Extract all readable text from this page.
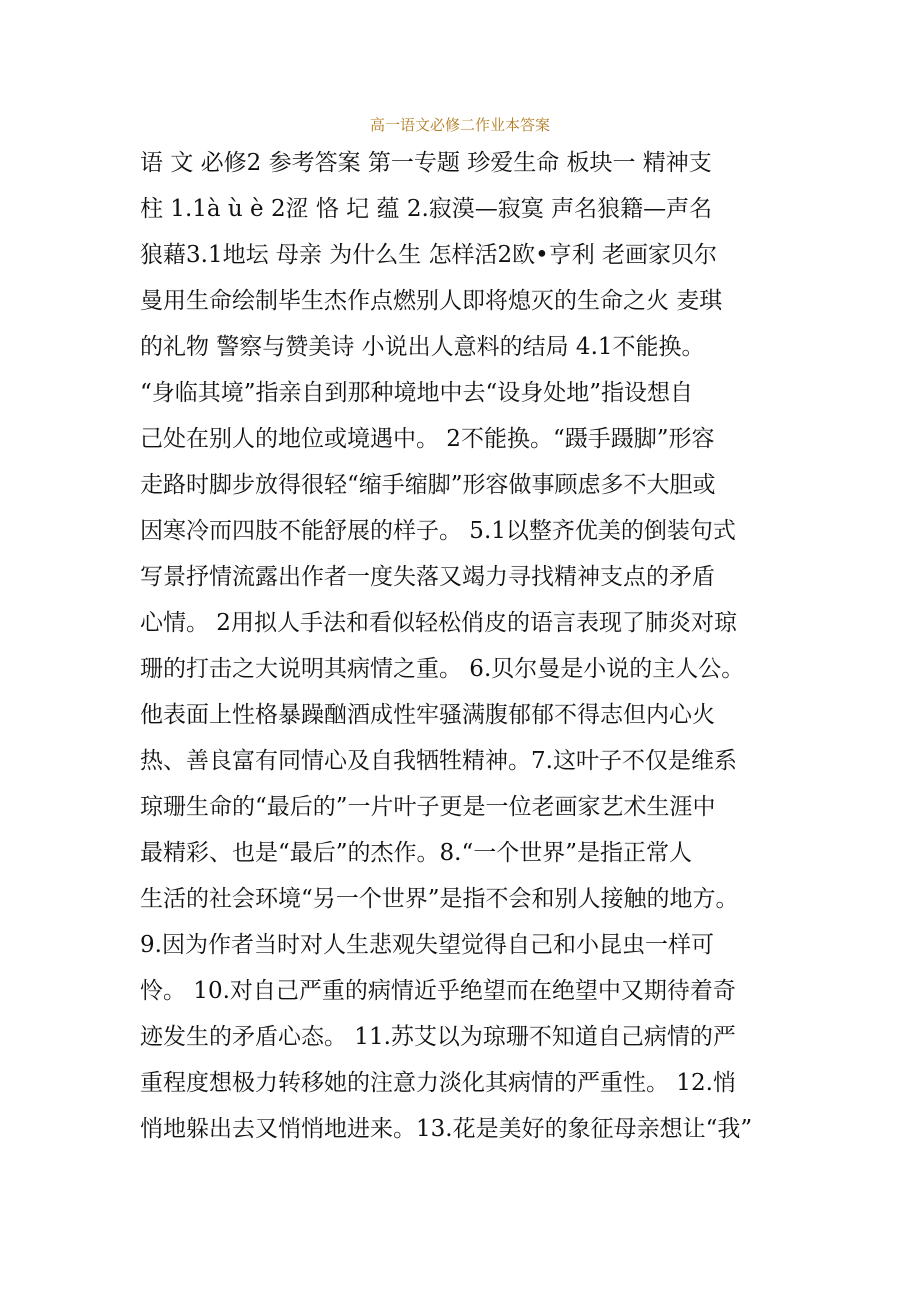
高一语文必修二作业本答案
语 文 必修2 参考答案 第一专题 珍爱生命 板块一 精神支
柱 1.1à ù è 2涩 恪 圮 蕴 2.寂漠—寂寞 声名狼籍—声名
狼藉3.1地坛 母亲 为什么生 怎样活2欧•亨利 老画家贝尔
曼用生命绘制毕生杰作点燃别人即将熄灭的生命之火 麦琪
的礼物 警察与赞美诗 小说出人意料的结局 4.1不能换。
“身临其境”指亲自到那种境地中去“设身处地”指设想自
己处在别人的地位或境遇中。 2不能换。“蹑手蹑脚”形容
走路时脚步放得很轻“缩手缩脚”形容做事顾虑多不大胆或
因寒冷而四肢不能舒展的样子。 5.1以整齐优美的倒装句式
写景抒情流露出作者一度失落又竭力寻找精神支点的矛盾
心情。 2用拟人手法和看似轻松俏皮的语言表现了肺炎对琼
珊的打击之大说明其病情之重。 6.贝尔曼是小说的主人公。
他表面上性格暴躁酗酒成性牢骚满腹郁郁不得志但内心火
热、善良富有同情心及自我牺牲精神。7.这叶子不仅是维系
琼珊生命的“最后的”一片叶子更是一位老画家艺术生涯中
最精彩、也是“最后”的杰作。8.“一个世界”是指正常人
生活的社会环境“另一个世界”是指不会和别人接触的地方。
9.因为作者当时对人生悲观失望觉得自己和小昆虫一样可
怜。 10.对自己严重的病情近乎绝望而在绝望中又期待着奇
迹发生的矛盾心态。 11.苏艾以为琼珊不知道自己病情的严
重程度想极力转移她的注意力淡化其病情的严重性。 12.悄
悄地躲出去又悄悄地进来。13.花是美好的象征母亲想让“我”
